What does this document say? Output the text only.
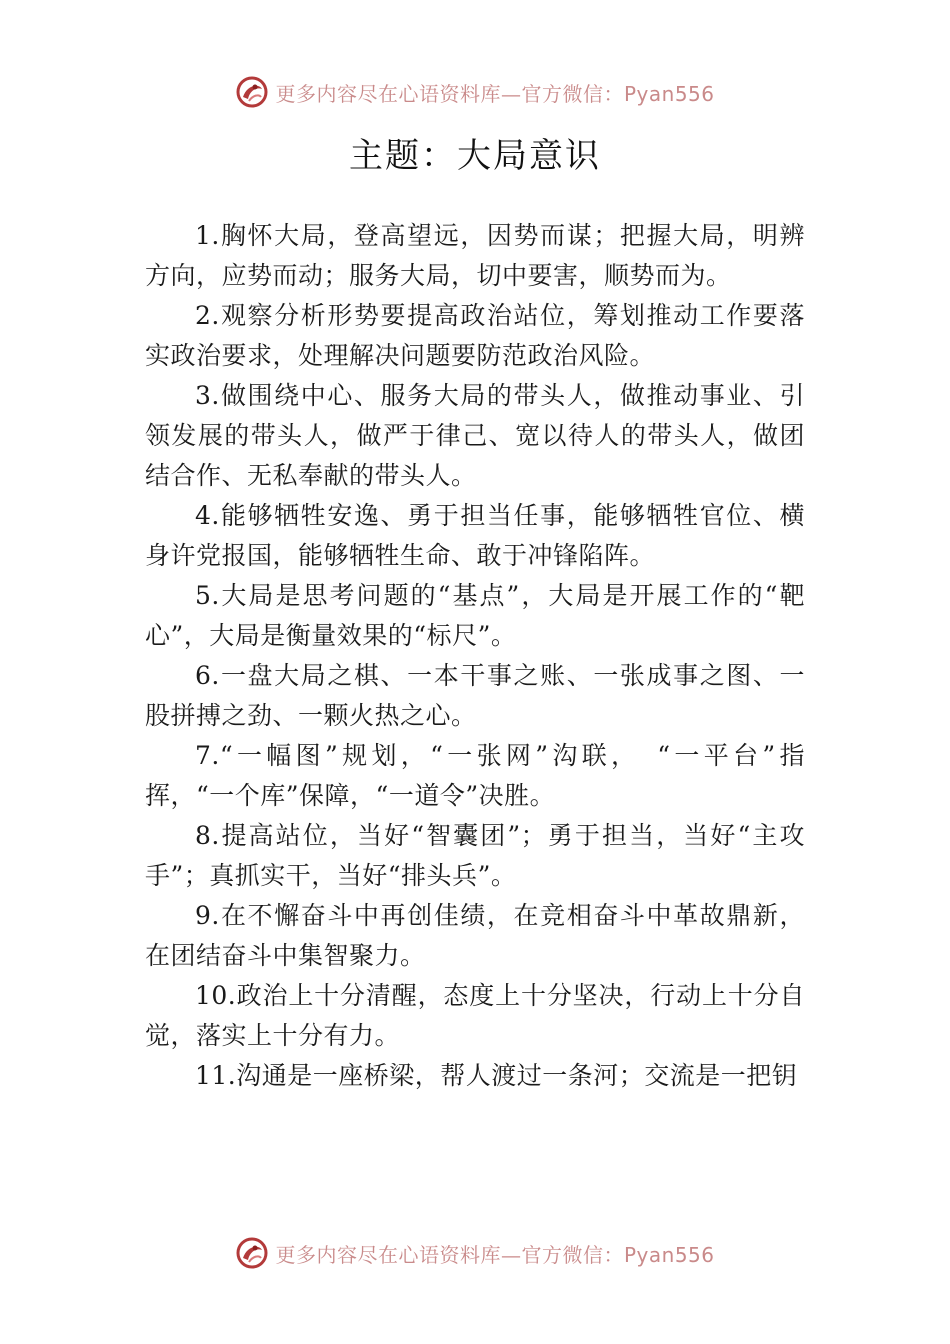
更多内容尽在心语资料库—官方微信：Pyan556
主题：大局意识

1.胸怀大局，登高望远，因势而谋；把握大局，明辨方向，应势而动；服务大局，切中要害，顺势而为。

2.观察分析形势要提高政治站位，筹划推动工作要落实政治要求，处理解决问题要防范政治风险。

3.做围绕中心、服务大局的带头人，做推动事业、引领发展的带头人，做严于律己、宽以待人的带头人，做团结合作、无私奉献的带头人。

4.能够牺牲安逸、勇于担当任事，能够牺牲官位、横身许党报国，能够牺牲生命、敢于冲锋陷阵。

5.大局是思考问题的“基点”，大局是开展工作的“靶心”，大局是衡量效果的“标尺”。

6.一盘大局之棋、一本干事之账、一张成事之图、一股拼搏之劲、一颗火热之心。

7.“一幅图”规划，“一张网”沟联，　“一平台”指挥，“一个库”保障，“一道令”决胜。

8.提高站位，当好“智囊团”；勇于担当，当好“主攻手”；真抓实干，当好“排头兵”。

9.在不懈奋斗中再创佳绩，在竞相奋斗中革故鼎新，在团结奋斗中集智聚力。

10.政治上十分清醒，态度上十分坚决，行动上十分自觉，落实上十分有力。

11.沟通是一座桥梁，帮人渡过一条河；交流是一把钥

更多内容尽在心语资料库—官方微信：Pyan556
